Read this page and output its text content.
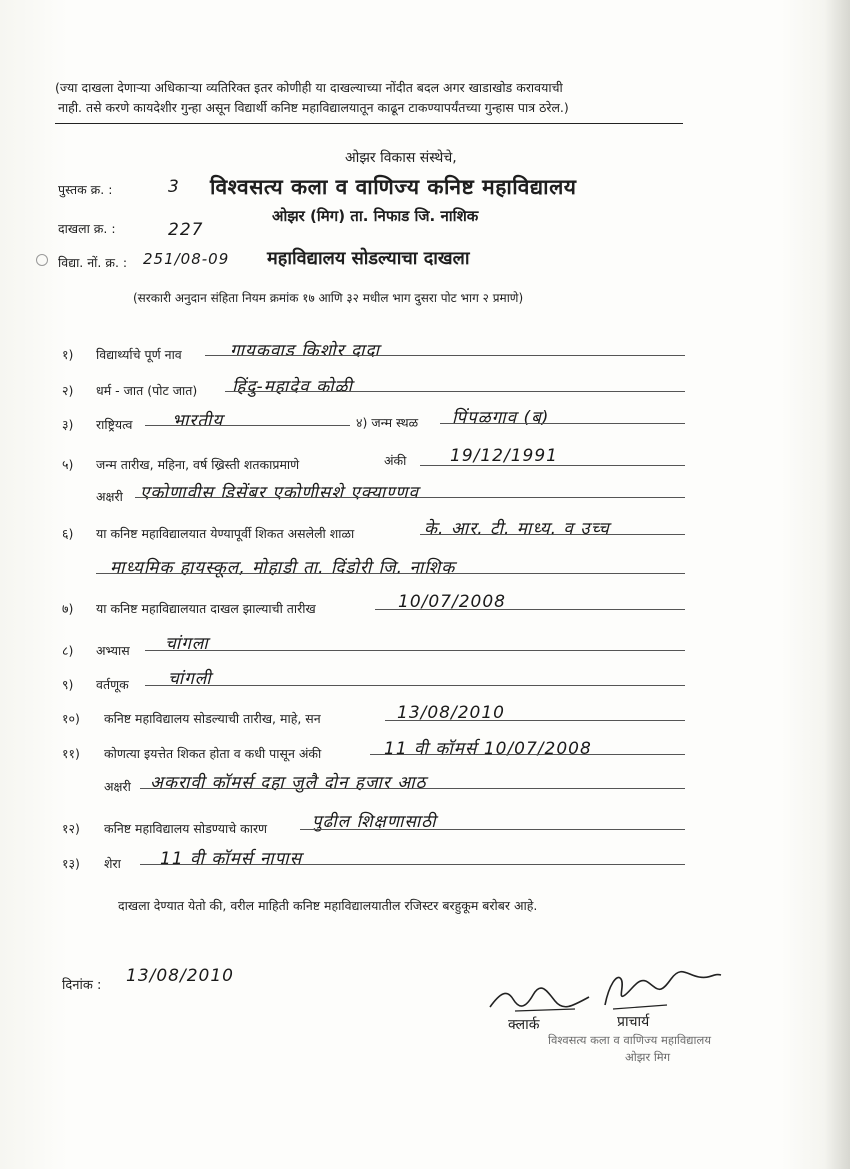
(ज्या दाखला देणाऱ्या अधिकाऱ्या व्यतिरिक्त इतर कोणीही या दाखल्याच्या नोंदीत बदल अगर खाडाखोड करावयाची
नाही. तसे करणे कायदेशीर गुन्हा असून विद्यार्थी कनिष्ट महाविद्यालयातून काढून टाकण्यापर्यंतच्या गुन्हास पात्र ठरेल.)
ओझर विकास संस्थेचे,
पुस्तक क्र. :	3 विश्वसत्य कला व वाणिज्य कनिष्ट महाविद्यालय
दाखला क्र. :	227
ओझर (मिग) ता. निफाड जि. नाशिक
विद्या. नों. क्र. : 251/08-09 महाविद्यालय सोडल्याचा दाखला
(सरकारी अनुदान संहिता नियम क्रमांक १७ आणि ३२ मधील भाग दुसरा पोट भाग २ प्रमाणे)
१) विद्यार्थ्याचे पूर्ण नाव	गायकवाड किशोर दादा
२) धर्म - जात (पोट जात) हिंदु-महादेव कोळी
३) राष्ट्रियत्व भारतीय	४) जन्म स्थळ पिंपळगाव (ब)
५) जन्म तारीख, महिना, वर्ष ख्रिस्ती शतकाप्रमाणे	अंकी	19/12/1991
अक्षरी एकोणावीस डिसेंबर एकोणीसशे एक्याण्णव
६) या कनिष्ट महाविद्यालयात येण्यापूर्वी शिकत असलेली शाळा	के. आर. टी. माध्य. व उच्च
माध्यमिक हायस्कूल, मोहाडी ता. दिंडोरी जि. नाशिक
७) या कनिष्ट महाविद्यालयात दाखल झाल्याची तारीख	10/07/2008
८) अभ्यास चांगला
९) वर्तणूक चांगली
१०) कनिष्ट महाविद्यालय सोडल्याची तारीख, माहे, सन	13/08/2010
११) कोणत्या इयत्तेत शिकत होता व कधी पासून अंकी	11 वी कॉमर्स 10/07/2008
अक्षरी अकरावी कॉमर्स दहा जुलै दोन हजार आठ
१२) कनिष्ट महाविद्यालय सोडण्याचे कारण	पुढील शिक्षणासाठी
१३) शेरा 11 वी कॉमर्स नापास
दाखला देण्यात येतो की, वरील माहिती कनिष्ट महाविद्यालयातील रजिस्टर बरहुकूम बरोबर आहे.
दिनांक : 13/08/2010
क्लार्क	प्राचार्य
विश्वसत्य कला व वाणिज्य महाविद्यालय
ओझर मिग
